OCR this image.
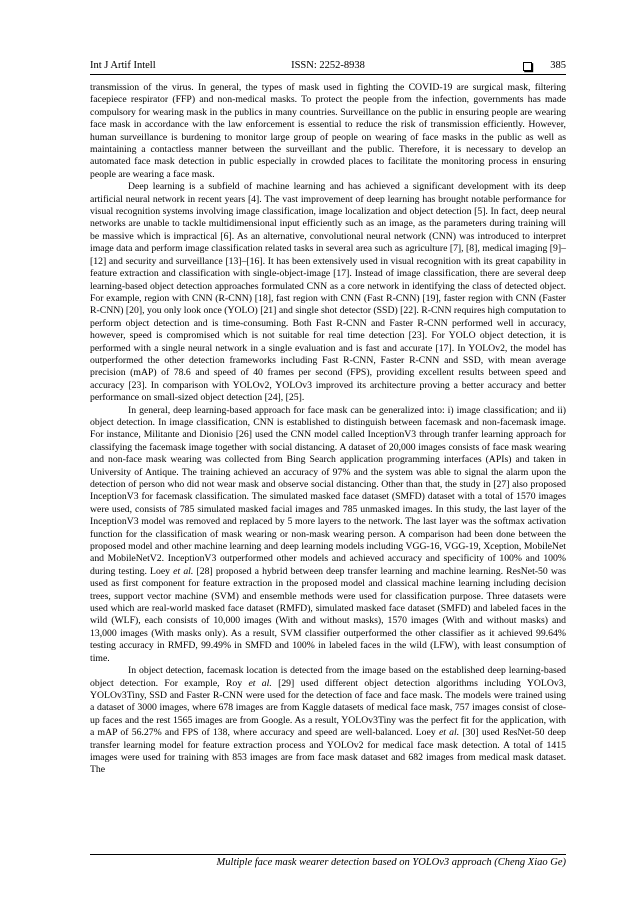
Int J Artif Intell	ISSN: 2252-8938	385

transmission of the virus. In general, the types of mask used in fighting the COVID-19 are surgical mask, filtering facepiece respirator (FFP) and non-medical masks. To protect the people from the infection, governments has made compulsory for wearing mask in the publics in many countries. Surveillance on the public in ensuring people are wearing face mask in accordance with the law enforcement is essential to reduce the risk of transmission efficiently. However, human surveillance is burdening to monitor large group of people on wearing of face masks in the public as well as maintaining a contactless manner between the surveillant and the public. Therefore, it is necessary to develop an automated face mask detection in public especially in crowded places to facilitate the monitoring process in ensuring people are wearing a face mask.

Deep learning is a subfield of machine learning and has achieved a significant development with its deep artificial neural network in recent years [4]. The vast improvement of deep learning has brought notable performance for visual recognition systems involving image classification, image localization and object detection [5]. In fact, deep neural networks are unable to tackle multidimensional input efficiently such as an image, as the parameters during training will be massive which is impractical [6]. As an alternative, convolutional neural network (CNN) was introduced to interpret image data and perform image classification related tasks in several area such as agriculture [7], [8], medical imaging [9]–[12] and security and surveillance [13]–[16]. It has been extensively used in visual recognition with its great capability in feature extraction and classification with single-object-image [17]. Instead of image classification, there are several deep learning-based object detection approaches formulated CNN as a core network in identifying the class of detected object. For example, region with CNN (R-CNN) [18], fast region with CNN (Fast R-CNN) [19], faster region with CNN (Faster R-CNN) [20], you only look once (YOLO) [21] and single shot detector (SSD) [22]. R-CNN requires high computation to perform object detection and is time-consuming. Both Fast R-CNN and Faster R-CNN performed well in accuracy, however, speed is compromised which is not suitable for real time detection [23]. For YOLO object detection, it is performed with a single neural network in a single evaluation and is fast and accurate [17]. In YOLOv2, the model has outperformed the other detection frameworks including Fast R-CNN, Faster R-CNN and SSD, with mean average precision (mAP) of 78.6 and speed of 40 frames per second (FPS), providing excellent results between speed and accuracy [23]. In comparison with YOLOv2, YOLOv3 improved its architecture proving a better accuracy and better performance on small-sized object detection [24], [25].

In general, deep learning-based approach for face mask can be generalized into: i) image classification; and ii) object detection. In image classification, CNN is established to distinguish between facemask and non-facemask image. For instance, Militante and Dionisio [26] used the CNN model called InceptionV3 through tranfer learning approach for classifying the facemask image together with social distancing. A dataset of 20,000 images consists of face mask wearing and non-face mask wearing was collected from Bing Search application programming interfaces (APIs) and taken in University of Antique. The training achieved an accuracy of 97% and the system was able to signal the alarm upon the detection of person who did not wear mask and observe social distancing. Other than that, the study in [27] also proposed InceptionV3 for facemask classification. The simulated masked face dataset (SMFD) dataset with a total of 1570 images were used, consists of 785 simulated masked facial images and 785 unmasked images. In this study, the last layer of the InceptionV3 model was removed and replaced by 5 more layers to the network. The last layer was the softmax activation function for the classification of mask wearing or non-mask wearing person. A comparison had been done between the proposed model and other machine learning and deep learning models including VGG-16, VGG-19, Xception, MobileNet and MobileNetV2. InceptionV3 outperformed other models and achieved accuracy and specificity of 100% and 100% during testing. Loey et al. [28] proposed a hybrid between deep transfer learning and machine learning. ResNet-50 was used as first component for feature extraction in the proposed model and classical machine learning including decision trees, support vector machine (SVM) and ensemble methods were used for classification purpose. Three datasets were used which are real-world masked face dataset (RMFD), simulated masked face dataset (SMFD) and labeled faces in the wild (WLF), each consists of 10,000 images (With and without masks), 1570 images (With and without masks) and 13,000 images (With masks only). As a result, SVM classifier outperformed the other classifier as it achieved 99.64% testing accuracy in RMFD, 99.49% in SMFD and 100% in labeled faces in the wild (LFW), with least consumption of time.

In object detection, facemask location is detected from the image based on the established deep learning-based object detection. For example, Roy et al. [29] used different object detection algorithms including YOLOv3, YOLOv3Tiny, SSD and Faster R-CNN were used for the detection of face and face mask. The models were trained using a dataset of 3000 images, where 678 images are from Kaggle datasets of medical face mask, 757 images consist of close-up faces and the rest 1565 images are from Google. As a result, YOLOv3Tiny was the perfect fit for the application, with a mAP of 56.27% and FPS of 138, where accuracy and speed are well-balanced. Loey et al. [30] used ResNet-50 deep transfer learning model for feature extraction process and YOLOv2 for medical face mask detection. A total of 1415 images were used for training with 853 images are from face mask dataset and 682 images from medical mask dataset. The

Multiple face mask wearer detection based on YOLOv3 approach (Cheng Xiao Ge)
